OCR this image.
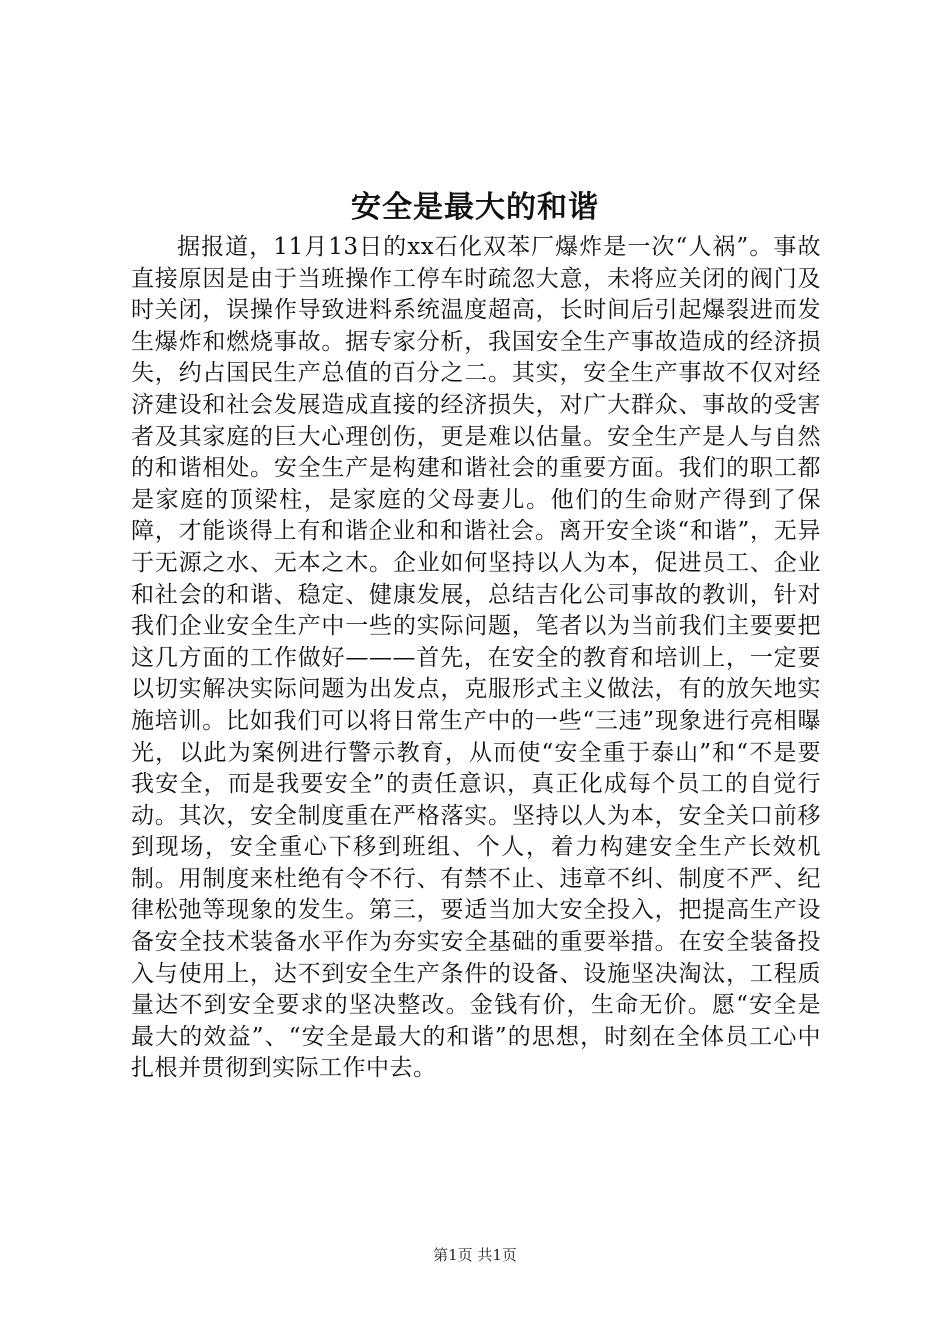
安全是最大的和谐

据报道，11月13日的xx石化双苯厂爆炸是一次“人祸”。事故直接原因是由于当班操作工停车时疏忽大意，未将应关闭的阀门及时关闭，误操作导致进料系统温度超高，长时间后引起爆裂进而发生爆炸和燃烧事故。据专家分析，我国安全生产事故造成的经济损失，约占国民生产总值的百分之二。其实，安全生产事故不仅对经济建设和社会发展造成直接的经济损失，对广大群众、事故的受害者及其家庭的巨大心理创伤，更是难以估量。安全生产是人与自然的和谐相处。安全生产是构建和谐社会的重要方面。我们的职工都是家庭的顶梁柱，是家庭的父母妻儿。他们的生命财产得到了保障，才能谈得上有和谐企业和和谐社会。离开安全谈“和谐”，无异于无源之水、无本之木。企业如何坚持以人为本，促进员工、企业和社会的和谐、稳定、健康发展，总结吉化公司事故的教训，针对我们企业安全生产中一些的实际问题，笔者以为当前我们主要要把这几方面的工作做好———首先，在安全的教育和培训上，一定要以切实解决实际问题为出发点，克服形式主义做法，有的放矢地实施培训。比如我们可以将日常生产中的一些“三违”现象进行亮相曝光，以此为案例进行警示教育，从而使“安全重于泰山”和“不是要我安全，而是我要安全”的责任意识，真正化成每个员工的自觉行动。其次，安全制度重在严格落实。坚持以人为本，安全关口前移到现场，安全重心下移到班组、个人，着力构建安全生产长效机制。用制度来杜绝有令不行、有禁不止、违章不纠、制度不严、纪律松弛等现象的发生。第三，要适当加大安全投入，把提高生产设备安全技术装备水平作为夯实安全基础的重要举措。在安全装备投入与使用上，达不到安全生产条件的设备、设施坚决淘汰，工程质量达不到安全要求的坚决整改。金钱有价，生命无价。愿“安全是最大的效益”、“安全是最大的和谐”的思想，时刻在全体员工心中扎根并贯彻到实际工作中去。

第1页 共1页
